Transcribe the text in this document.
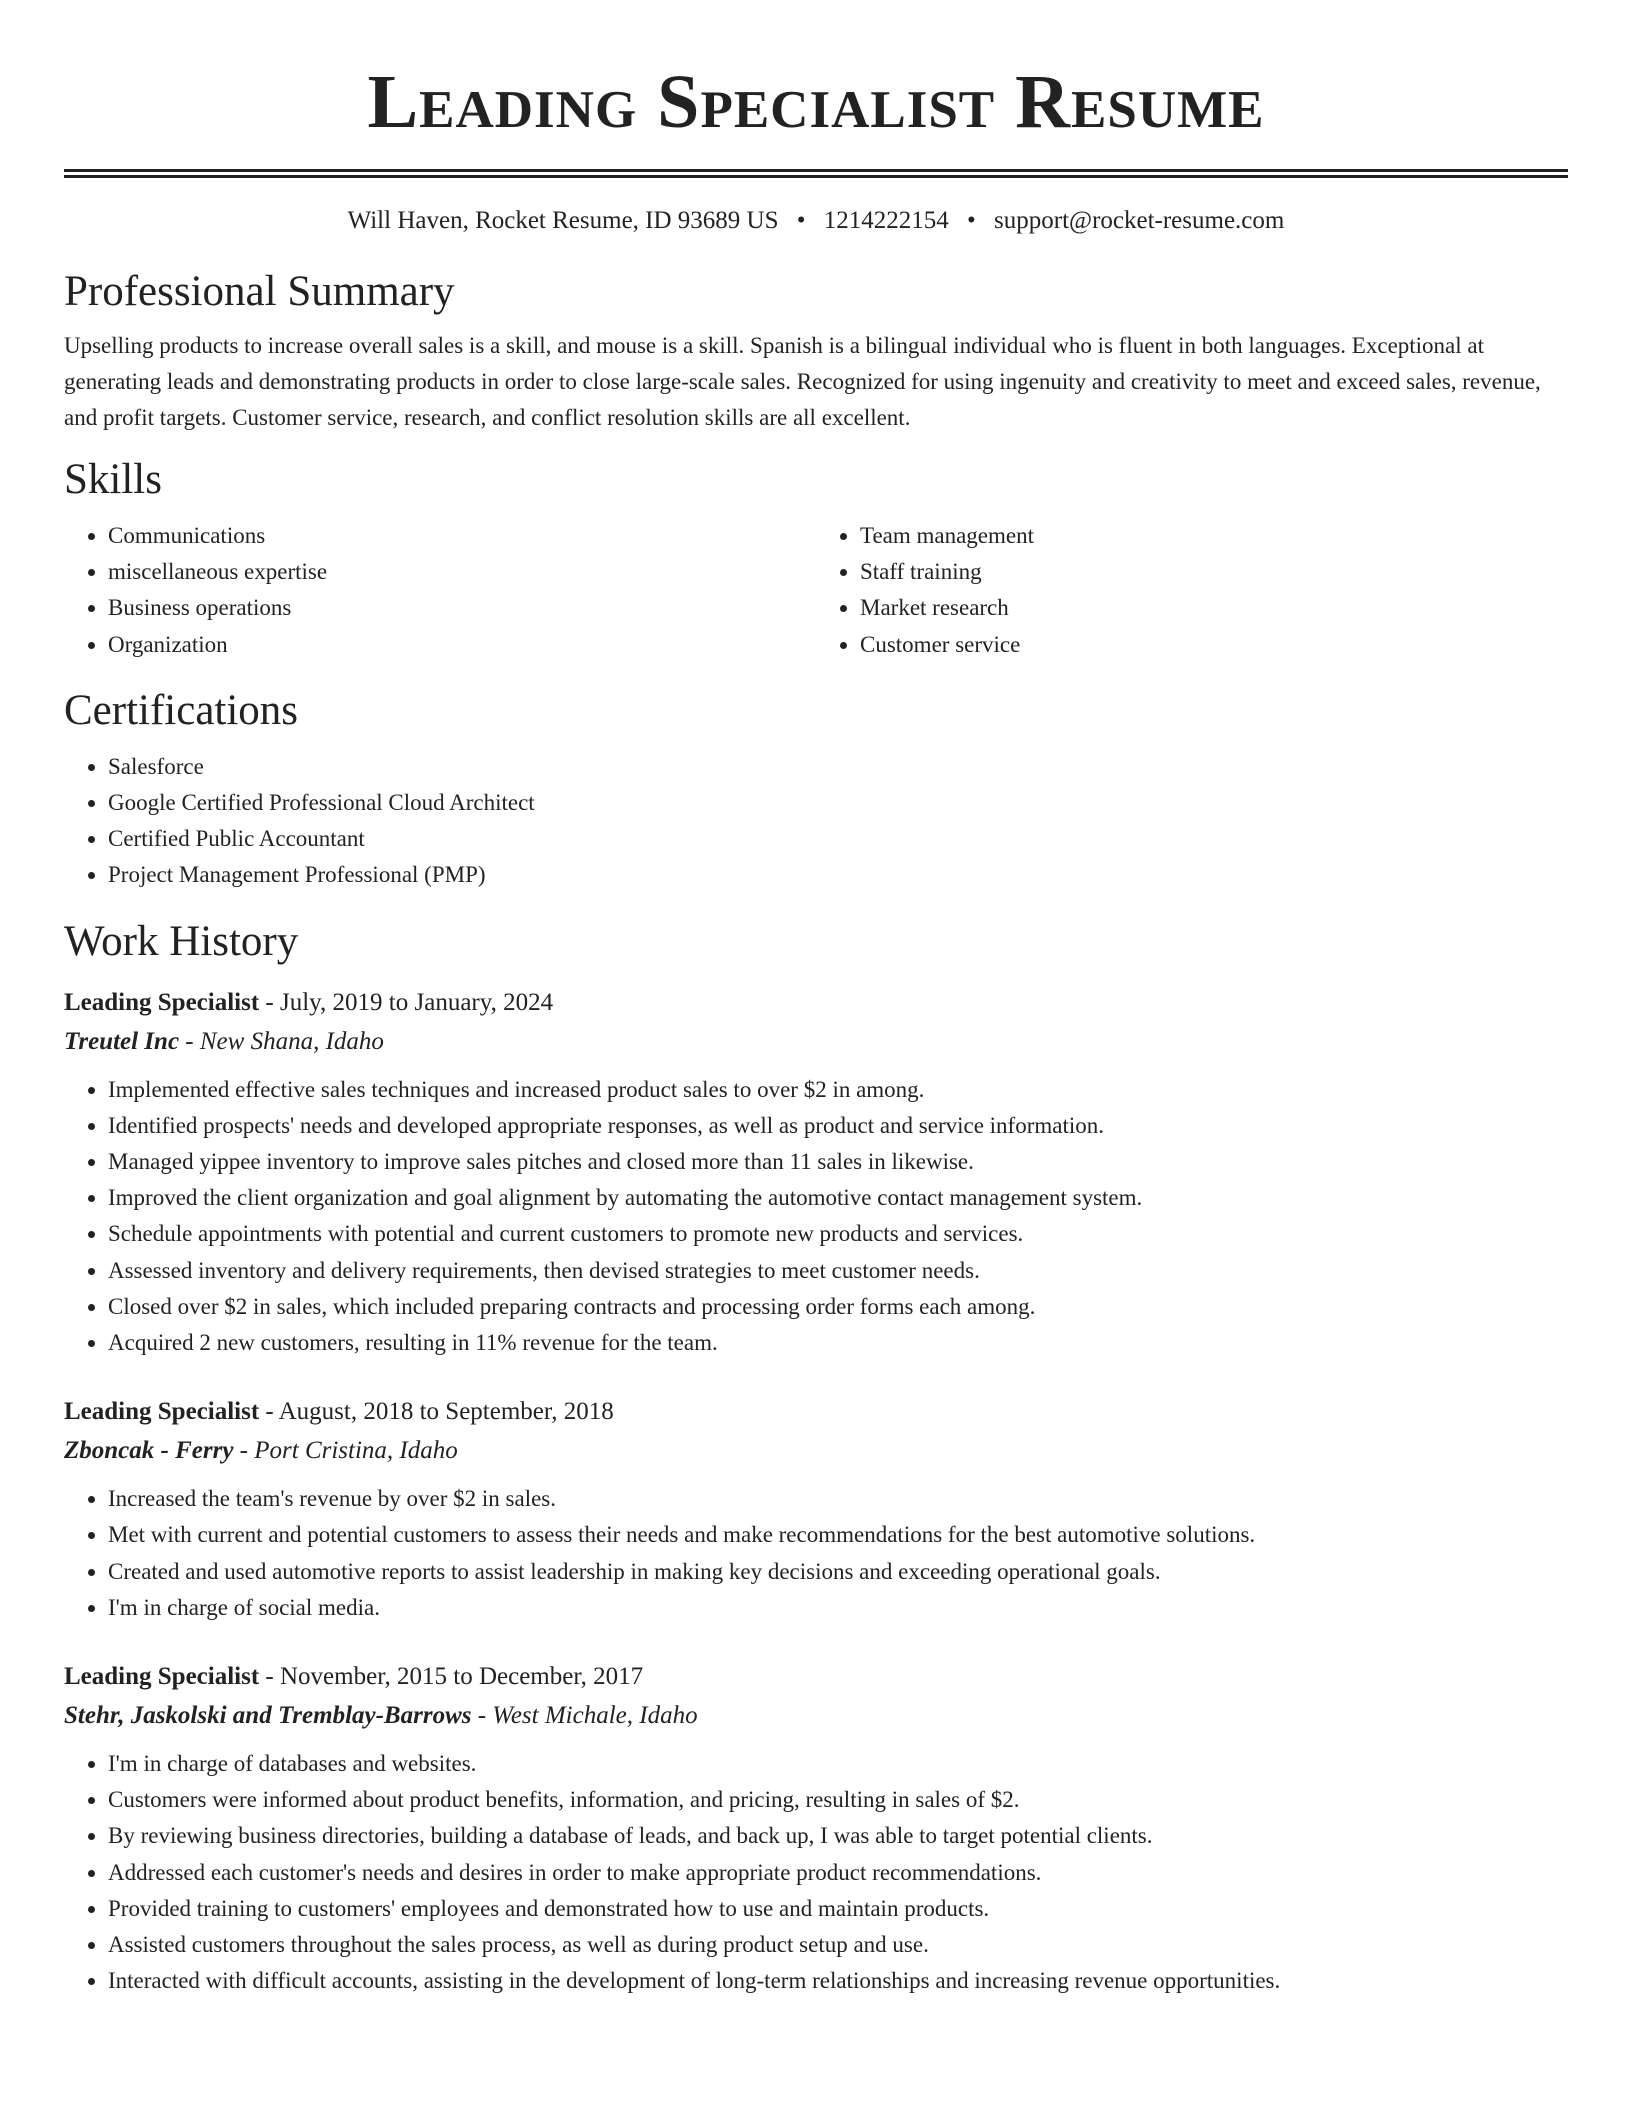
Leading Specialist Resume
Will Haven, Rocket Resume, ID 93689 US • 1214222154 • support@rocket-resume.com
Professional Summary
Upselling products to increase overall sales is a skill, and mouse is a skill. Spanish is a bilingual individual who is fluent in both languages. Exceptional at generating leads and demonstrating products in order to close large-scale sales. Recognized for using ingenuity and creativity to meet and exceed sales, revenue, and profit targets. Customer service, research, and conflict resolution skills are all excellent.
Skills
• Communications
• miscellaneous expertise
• Business operations
• Organization
• Team management
• Staff training
• Market research
• Customer service
Certifications
• Salesforce
• Google Certified Professional Cloud Architect
• Certified Public Accountant
• Project Management Professional (PMP)
Work History
Leading Specialist - July, 2019 to January, 2024
Treutel Inc - New Shana, Idaho
• Implemented effective sales techniques and increased product sales to over $2 in among.
• Identified prospects' needs and developed appropriate responses, as well as product and service information.
• Managed yippee inventory to improve sales pitches and closed more than 11 sales in likewise.
• Improved the client organization and goal alignment by automating the automotive contact management system.
• Schedule appointments with potential and current customers to promote new products and services.
• Assessed inventory and delivery requirements, then devised strategies to meet customer needs.
• Closed over $2 in sales, which included preparing contracts and processing order forms each among.
• Acquired 2 new customers, resulting in 11% revenue for the team.
Leading Specialist - August, 2018 to September, 2018
Zboncak - Ferry - Port Cristina, Idaho
• Increased the team's revenue by over $2 in sales.
• Met with current and potential customers to assess their needs and make recommendations for the best automotive solutions.
• Created and used automotive reports to assist leadership in making key decisions and exceeding operational goals.
• I'm in charge of social media.
Leading Specialist - November, 2015 to December, 2017
Stehr, Jaskolski and Tremblay-Barrows - West Michale, Idaho
• I'm in charge of databases and websites.
• Customers were informed about product benefits, information, and pricing, resulting in sales of $2.
• By reviewing business directories, building a database of leads, and back up, I was able to target potential clients.
• Addressed each customer's needs and desires in order to make appropriate product recommendations.
• Provided training to customers' employees and demonstrated how to use and maintain products.
• Assisted customers throughout the sales process, as well as during product setup and use.
• Interacted with difficult accounts, assisting in the development of long-term relationships and increasing revenue opportunities.
